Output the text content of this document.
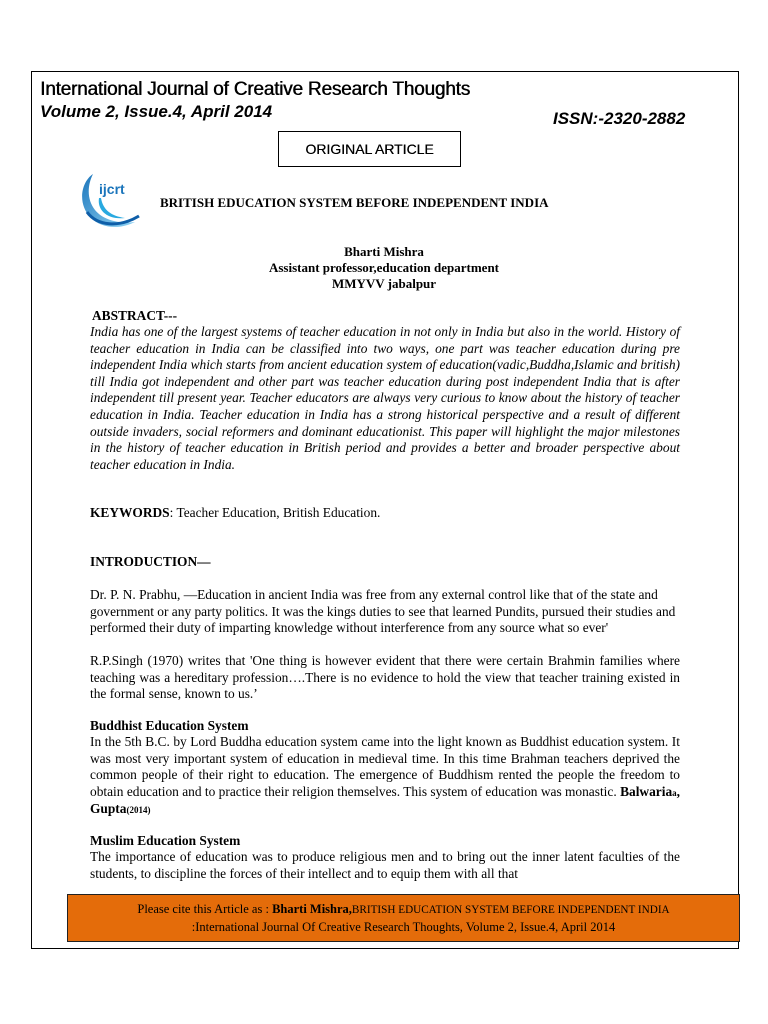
International Journal of Creative Research Thoughts
Volume 2, Issue.4, April 2014	ISSN:-2320-2882
ORIGINAL ARTICLE
ijcrt
BRITISH EDUCATION SYSTEM BEFORE INDEPENDENT INDIA
Bharti Mishra
Assistant professor,education department
MMYVV jabalpur
ABSTRACT---

India has one of the largest systems of teacher education in not only in India but also in the world. History of teacher education in India can be classified into two ways, one part was teacher education during pre independent India which starts from ancient education system of education(vadic,Buddha,Islamic and british) till India got independent and other part was teacher education during post independent India that is after independent till present year. Teacher educators are always very curious to know about the history of teacher education in India. Teacher education in India has a strong historical perspective and a result of different outside invaders, social reformers and dominant educationist. This paper will highlight the major milestones in the history of teacher education in British period and provides a better and broader perspective about teacher education in India.

KEYWORDS: Teacher Education, British Education.
INTRODUCTION—

Dr. P. N. Prabhu, —Education in ancient India was free from any external control like that of the state and government or any party politics. It was the kings duties to see that learned Pundits, pursued their studies and performed their duty of imparting knowledge without interference from any source what so ever'

R.P.Singh (1970) writes that 'One thing is however evident that there were certain Brahmin families where teaching was a hereditary profession….There is no evidence to hold the view that teacher training existed in the formal sense, known to us.’

Buddhist Education System

In the 5th B.C. by Lord Buddha education system came into the light known as Buddhist education system. It was most very important system of education in medieval time. In this time Brahman teachers deprived the common people of their right to education. The emergence of Buddhism rented the people the freedom to obtain education and to practice their religion themselves. This system of education was monastic. Balwariaa, Gupta(2014)

Muslim Education System

The importance of education was to produce religious men and to bring out the inner latent faculties of the students, to discipline the forces of their intellect and to equip them with all that

Please cite this Article as : Bharti Mishra,BRITISH EDUCATION SYSTEM BEFORE INDEPENDENT INDIA
:International Journal Of Creative Research Thoughts, Volume 2, Issue.4, April 2014
